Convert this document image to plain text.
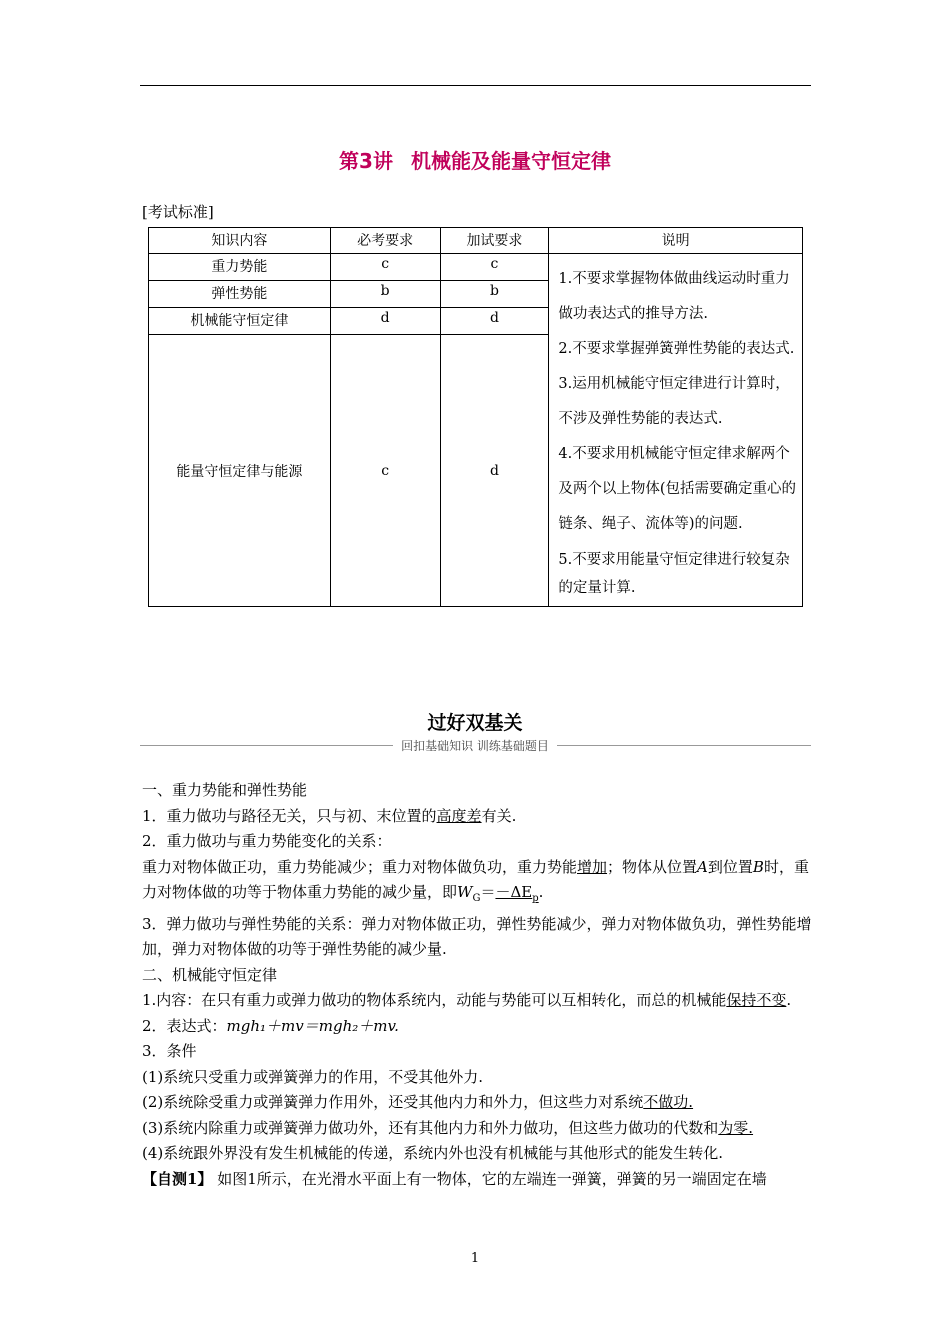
第3讲 机械能及能量守恒定律
[考试标准]
知识内容	必考要求	加试要求	说明
重力势能	c	c	1.不要求掌握物体做曲线运动时重力做功表达式的推导方法.
2.不要求掌握弹簧弹性势能的表达式.
3.运用机械能守恒定律进行计算时，不涉及弹性势能的表达式.
4.不要求用机械能守恒定律求解两个及两个以上物体(包括需要确定重心的链条、绳子、流体等)的问题.
5.不要求用能量守恒定律进行较复杂的定量计算.

弹性势能	b	b	
机械能守恒定律	d	d	
能量守恒定律与能源	c	d	
过好双基关
回扣基础知识 训练基础题目

一、重力势能和弹性势能

1．重力做功与路径无关，只与初、末位置的高度差有关.

2．重力做功与重力势能变化的关系：

重力对物体做正功，重力势能减少；重力对物体做负功，重力势能增加；物体从位置A到位置B时，重力对物体做的功等于物体重力势能的减少量，即$W_G=-\Delta E_p$.

3．弹力做功与弹性势能的关系：弹力对物体做正功，弹性势能减少，弹力对物体做负功，弹性势能增加，弹力对物体做的功等于弹性势能的减少量.

二、机械能守恒定律

1.内容：在只有重力或弹力做功的物体系统内，动能与势能可以互相转化，而总的机械能保持不变.

2．表达式：mgh₁＋mv＝mgh₂＋mv.

3．条件

(1)系统只受重力或弹簧弹力的作用，不受其他外力.

(2)系统除受重力或弹簧弹力作用外，还受其他内力和外力，但这些力对系统不做功.

(3)系统内除重力或弹簧弹力做功外，还有其他内力和外力做功，但这些力做功的代数和为零.

(4)系统跟外界没有发生机械能的传递，系统内外也没有机械能与其他形式的能发生转化.

【自测1】 如图1所示，在光滑水平面上有一物体，它的左端连一弹簧，弹簧的另一端固定在墙

1
